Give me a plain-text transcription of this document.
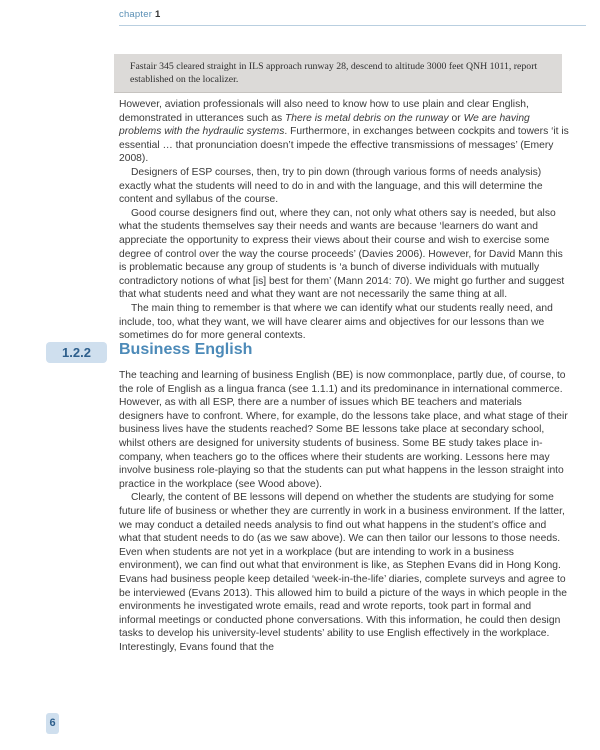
chapter 1
Fastair 345 cleared straight in ILS approach runway 28, descend to altitude 3000 feet QNH 1011, report established on the localizer.

However, aviation professionals will also need to know how to use plain and clear English, demonstrated in utterances such as There is metal debris on the runway or We are having problems with the hydraulic systems. Furthermore, in exchanges between cockpits and towers ‘it is essential … that pronunciation doesn’t impede the effective transmissions of messages’ (Emery 2008).

Designers of ESP courses, then, try to pin down (through various forms of needs analysis) exactly what the students will need to do in and with the language, and this will determine the content and syllabus of the course.

Good course designers find out, where they can, not only what others say is needed, but also what the students themselves say their needs and wants are because ‘learners do want and appreciate the opportunity to express their views about their course and wish to exercise some degree of control over the way the course proceeds’ (Davies 2006). However, for David Mann this is problematic because any group of students is ‘a bunch of diverse individuals with mutually contradictory notions of what [is] best for them’ (Mann 2014: 70). We might go further and suggest that what students need and what they want are not necessarily the same thing at all.

The main thing to remember is that where we can identify what our students really need, and include, too, what they want, we will have clearer aims and objectives for our lessons than we sometimes do for more general contexts.

1.2.2	Business English

The teaching and learning of business English (BE) is now commonplace, partly due, of course, to the role of English as a lingua franca (see 1.1.1) and its predominance in international commerce. However, as with all ESP, there are a number of issues which BE teachers and materials designers have to confront. Where, for example, do the lessons take place, and what stage of their business lives have the students reached? Some BE lessons take place at secondary school, whilst others are designed for university students of business. Some BE study takes place in-company, when teachers go to the offices where their students are working. Lessons here may involve business role-playing so that the students can put what happens in the lesson straight into practice in the workplace (see Wood above).

Clearly, the content of BE lessons will depend on whether the students are studying for some future life of business or whether they are currently in work in a business environment. If the latter, we may conduct a detailed needs analysis to find out what happens in the student’s office and what that student needs to do (as we saw above). We can then tailor our lessons to those needs. Even when students are not yet in a workplace (but are intending to work in a business environment), we can find out what that environment is like, as Stephen Evans did in Hong Kong. Evans had business people keep detailed ‘week-in-the-life’ diaries, complete surveys and agree to be interviewed (Evans 2013). This allowed him to build a picture of the ways in which people in the environments he investigated wrote emails, read and wrote reports, took part in formal and informal meetings or conducted phone conversations. With this information, he could then design tasks to develop his university-level students’ ability to use English effectively in the workplace. Interestingly, Evans found that the

6
